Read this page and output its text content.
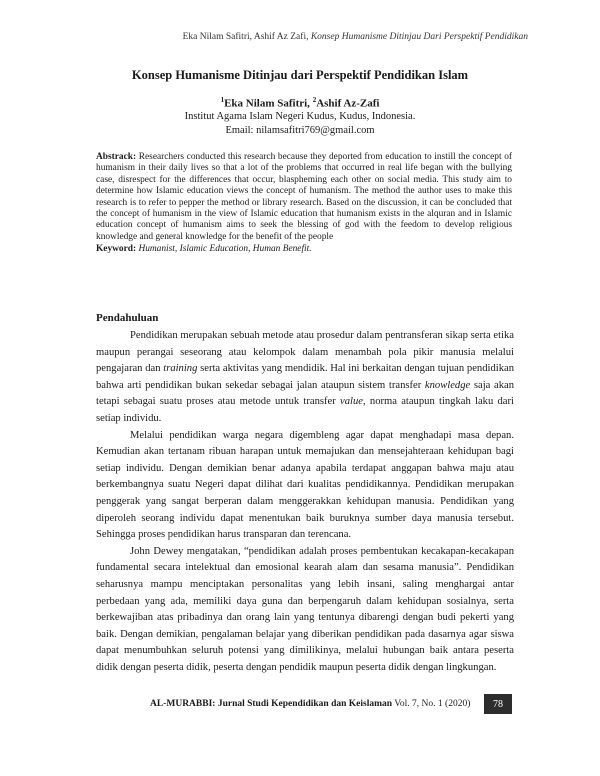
Eka Nilam Safitri, Ashif Az Zafi, Konsep Humanisme Ditinjau Dari Perspektif Pendidikan
Konsep Humanisme Ditinjau dari Perspektif Pendidikan Islam
$^1$Eka Nilam Safitri, $^2$Ashif Az-Zafi
Institut Agama Islam Negeri Kudus, Kudus, Indonesia.
Email: nilamsafitri769@gmail.com
Abstrack: Researchers conducted this research because they deported from education to instill the concept of humanism in their daily lives so that a lot of the problems that occurred in real life began with the bullying case, disrespect for the differences that occur, blaspheming each other on social media. This study aim to determine how Islamic education views the concept of humanism. The method the author uses to make this research is to refer to pepper the method or library research. Based on the discussion, it can be concluded that the concept of humanism in the view of Islamic education that humanism exists in the alquran and in Islamic education concept of humanism aims to seek the blessing of god with the feedom to develop religious knowledge and general knowledge for the benefit of the people
Keyword: Humanist, Islamic Education, Human Benefit.
Pendahuluan

Pendidikan merupakan sebuah metode atau prosedur dalam pentransferan sikap serta etika maupun perangai seseorang atau kelompok dalam menambah pola pikir manusia melalui pengajaran dan training serta aktivitas yang mendidik. Hal ini berkaitan dengan tujuan pendidikan bahwa arti pendidikan bukan sekedar sebagai jalan ataupun sistem transfer knowledge saja akan tetapi sebagai suatu proses atau metode untuk transfer value, norma ataupun tingkah laku dari setiap individu.

Melalui pendidikan warga negara digembleng agar dapat menghadapi masa depan. Kemudian akan tertanam ribuan harapan untuk memajukan dan mensejahteraan kehidupan bagi setiap individu. Dengan demikian benar adanya apabila terdapat anggapan bahwa maju atau berkembangnya suatu Negeri dapat dilihat dari kualitas pendidikannya. Pendidikan merupakan penggerak yang sangat berperan dalam menggerakkan kehidupan manusia. Pendidikan yang diperoleh seorang individu dapat menentukan baik buruknya sumber daya manusia tersebut. Sehingga proses pendidikan harus transparan dan terencana.

John Dewey mengatakan, “pendidikan adalah proses pembentukan kecakapan-kecakapan fundamental secara intelektual dan emosional kearah alam dan sesama manusia”. Pendidikan seharusnya mampu menciptakan personalitas yang lebih insani, saling menghargai antar perbedaan yang ada, memiliki daya guna dan berpengaruh dalam kehidupan sosialnya, serta berkewajiban atas pribadinya dan orang lain yang tentunya dibarengi dengan budi pekerti yang baik. Dengan demikian, pengalaman belajar yang diberikan pendidikan pada dasarnya agar siswa dapat menumbuhkan seluruh potensi yang dimilikinya, melalui hubungan baik antara peserta didik dengan peserta didik, peserta dengan pendidik maupun peserta didik dengan lingkungan.

AL-MURABBI: Jurnal Studi Kependidikan dan Keislaman Vol. 7, No. 1 (2020)	78
